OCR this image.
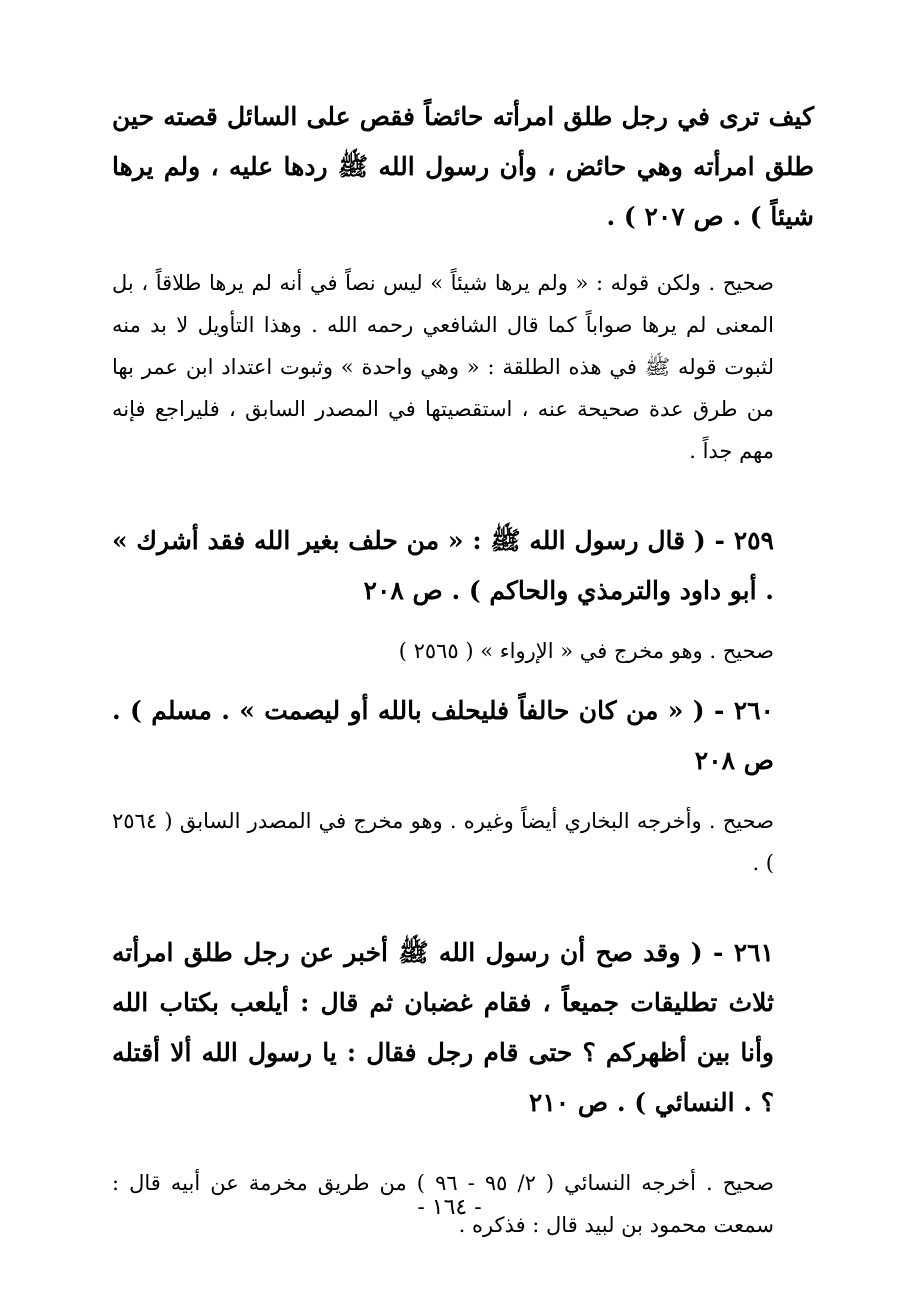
كيف ترى في رجل طلق امرأته حائضاً فقص على السائل قصته حين طلق امرأته وهي حائض ، وأن رسول الله ﷺ ردها عليه ، ولم يرها شيئاً ) . ص ٢٠٧ ) .

صحيح . ولكن قوله : « ولم يرها شيئاً » ليس نصاً في أنه لم يرها طلاقاً ، بل المعنى لم يرها صواباً كما قال الشافعي رحمه الله . وهذا التأويل لا بد منه لثبوت قوله ﷺ في هذه الطلقة : « وهي واحدة » وثبوت اعتداد ابن عمر بها من طرق عدة صحيحة عنه ، استقصيتها في المصدر السابق ، فليراجع فإنه مهم جداً .

٢٥٩ - ( قال رسول الله ﷺ : « من حلف بغير الله فقد أشرك » . أبو داود والترمذي والحاكم ) . ص ٢٠٨

صحيح . وهو مخرج في « الإرواء » ( ٢٥٦٥ )

٢٦٠ - ( « من كان حالفاً فليحلف بالله أو ليصمت » . مسلم ) . ص ٢٠٨

صحيح . وأخرجه البخاري أيضاً وغيره . وهو مخرج في المصدر السابق ( ٢٥٦٤ ) .

٢٦١ - ( وقد صح أن رسول الله ﷺ أخبر عن رجل طلق امرأته ثلاث تطليقات جميعاً ، فقام غضبان ثم قال : أيلعب بكتاب الله وأنا بين أظهركم ؟ حتى قام رجل فقال : يا رسول الله ألا أقتله ؟ . النسائي ) . ص ٢١٠

صحيح . أخرجه النسائي ( ٢/ ٩٥ - ٩٦ ) من طريق مخرمة عن أبيه قال : سمعت محمود بن لبيد قال : فذكره .

- ١٦٤ -
